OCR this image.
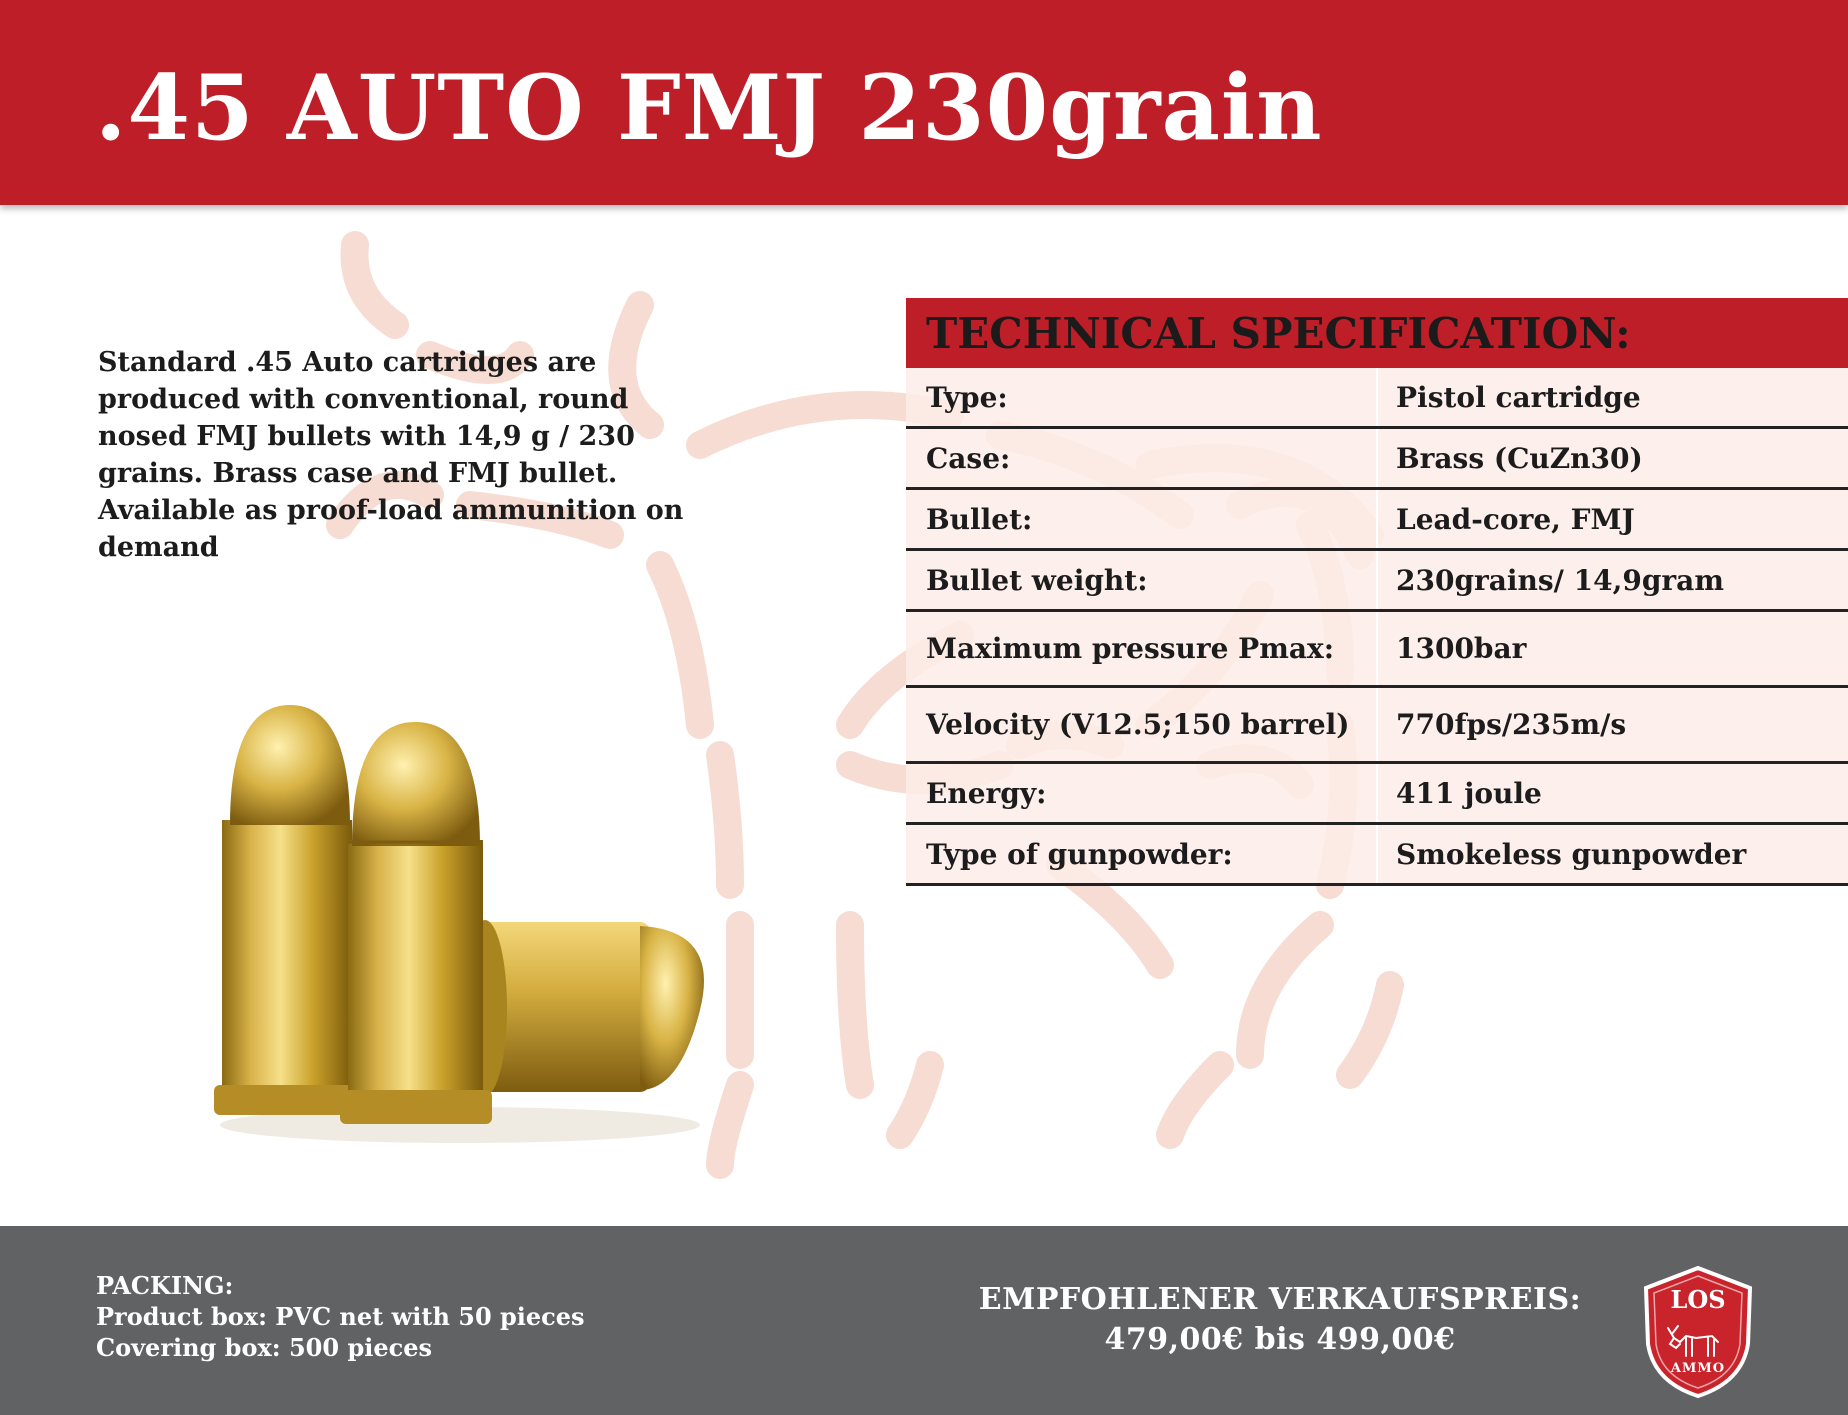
.45 AUTO FMJ 230grain

Standard .45 Auto cartridges are produced with conventional, round nosed FMJ bullets with 14,9 g / 230 grains. Brass case and FMJ bullet. Available as proof-load ammunition on demand

TECHNICAL SPECIFICATION:
Type:	Pistol cartridge
Case:	Brass (CuZn30)
Bullet:	Lead-core, FMJ
Bullet weight:	230grains/ 14,9gram
Maximum pressure Pmax: 1300bar
Velocity (V12.5;150 barrel) 770fps/235m/s
Energy:	411 joule
Type of gunpowder:	Smokeless gunpowder
PACKING:
Product box: PVC net with 50 pieces
Covering box: 500 pieces
EMPFOHLENER VERKAUFSPREIS:
479,00€ bis 499,00€
LOS
AMMO
